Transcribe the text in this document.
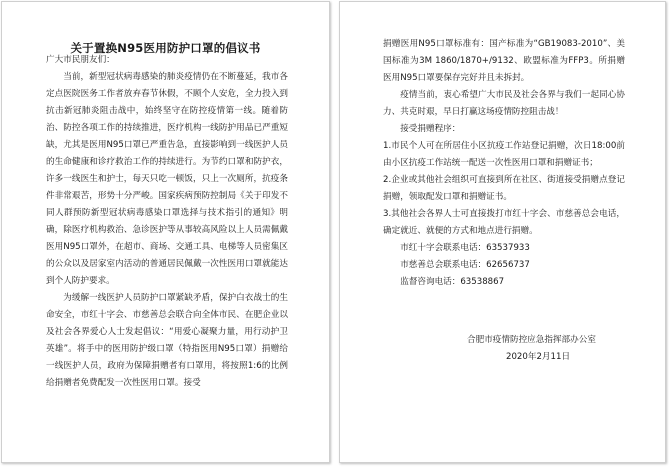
关于置换N95医用防护口罩的倡议书

广大市民朋友们：

当前，新型冠状病毒感染的肺炎疫情仍在不断蔓延，我市各定点医院医务工作者放弃春节休假，不顾个人安危，全力投入到抗击新冠肺炎阻击战中，始终坚守在防控疫情第一线。随着防治、防控各项工作的持续推进，医疗机构一线防护用品已严重短缺，尤其是医用N95口罩已严重告急，直接影响到一线医护人员的生命健康和诊疗救治工作的持续进行。为节约口罩和防护衣，许多一线医生和护士，每天只吃一顿饭，只上一次厕所，抗疫条件非常艰苦，形势十分严峻。国家疾病预防控制局《关于印发不同人群预防新型冠状病毒感染口罩选择与技术指引的通知》明确，除医疗机构救治、急诊医护等从事较高风险以上人员需佩戴医用N95口罩外，在超市、商场、交通工具、电梯等人员密集区的公众以及居家室内活动的普通居民佩戴一次性医用口罩就能达到个人防护要求。

为缓解一线医护人员防护口罩紧缺矛盾，保护白衣战士的生命安全，市红十字会、市慈善总会联合向全体市民、在肥企业以及社会各界爱心人士发起倡议：“用爱心凝聚力量，用行动护卫英雄”。将手中的医用防护级口罩（特指医用N95口罩）捐赠给一线医护人员，政府为保障捐赠者有口罩用，将按照1:6的比例给捐赠者免费配发一次性医用口罩。接受

捐赠医用N95口罩标准有：国产标准为“GB19083-2010”、美国标准为3M 1860/1870+/9132、欧盟标准为FFP3。所捐赠医用N95口罩要保存完好并且未拆封。

疫情当前，衷心希望广大市民及社会各界与我们一起同心协力、共克时艰，早日打赢这场疫情防控阻击战！

接受捐赠程序：

1.市民个人可在所居住小区抗疫工作站登记捐赠，次日18:00前由小区抗疫工作站统一配送一次性医用口罩和捐赠证书；

2.企业或其他社会组织可直接到所在社区、街道接受捐赠点登记捐赠，领取配发口罩和捐赠证书。

3.其他社会各界人士可直接拨打市红十字会、市慈善总会电话，确定就近、就便的方式和地点进行捐赠。

市红十字会联系电话：63537933

市慈善总会联系电话：62656737

监督咨询电话：63538867

合肥市疫情防控应急指挥部办公室
2020年2月11日
